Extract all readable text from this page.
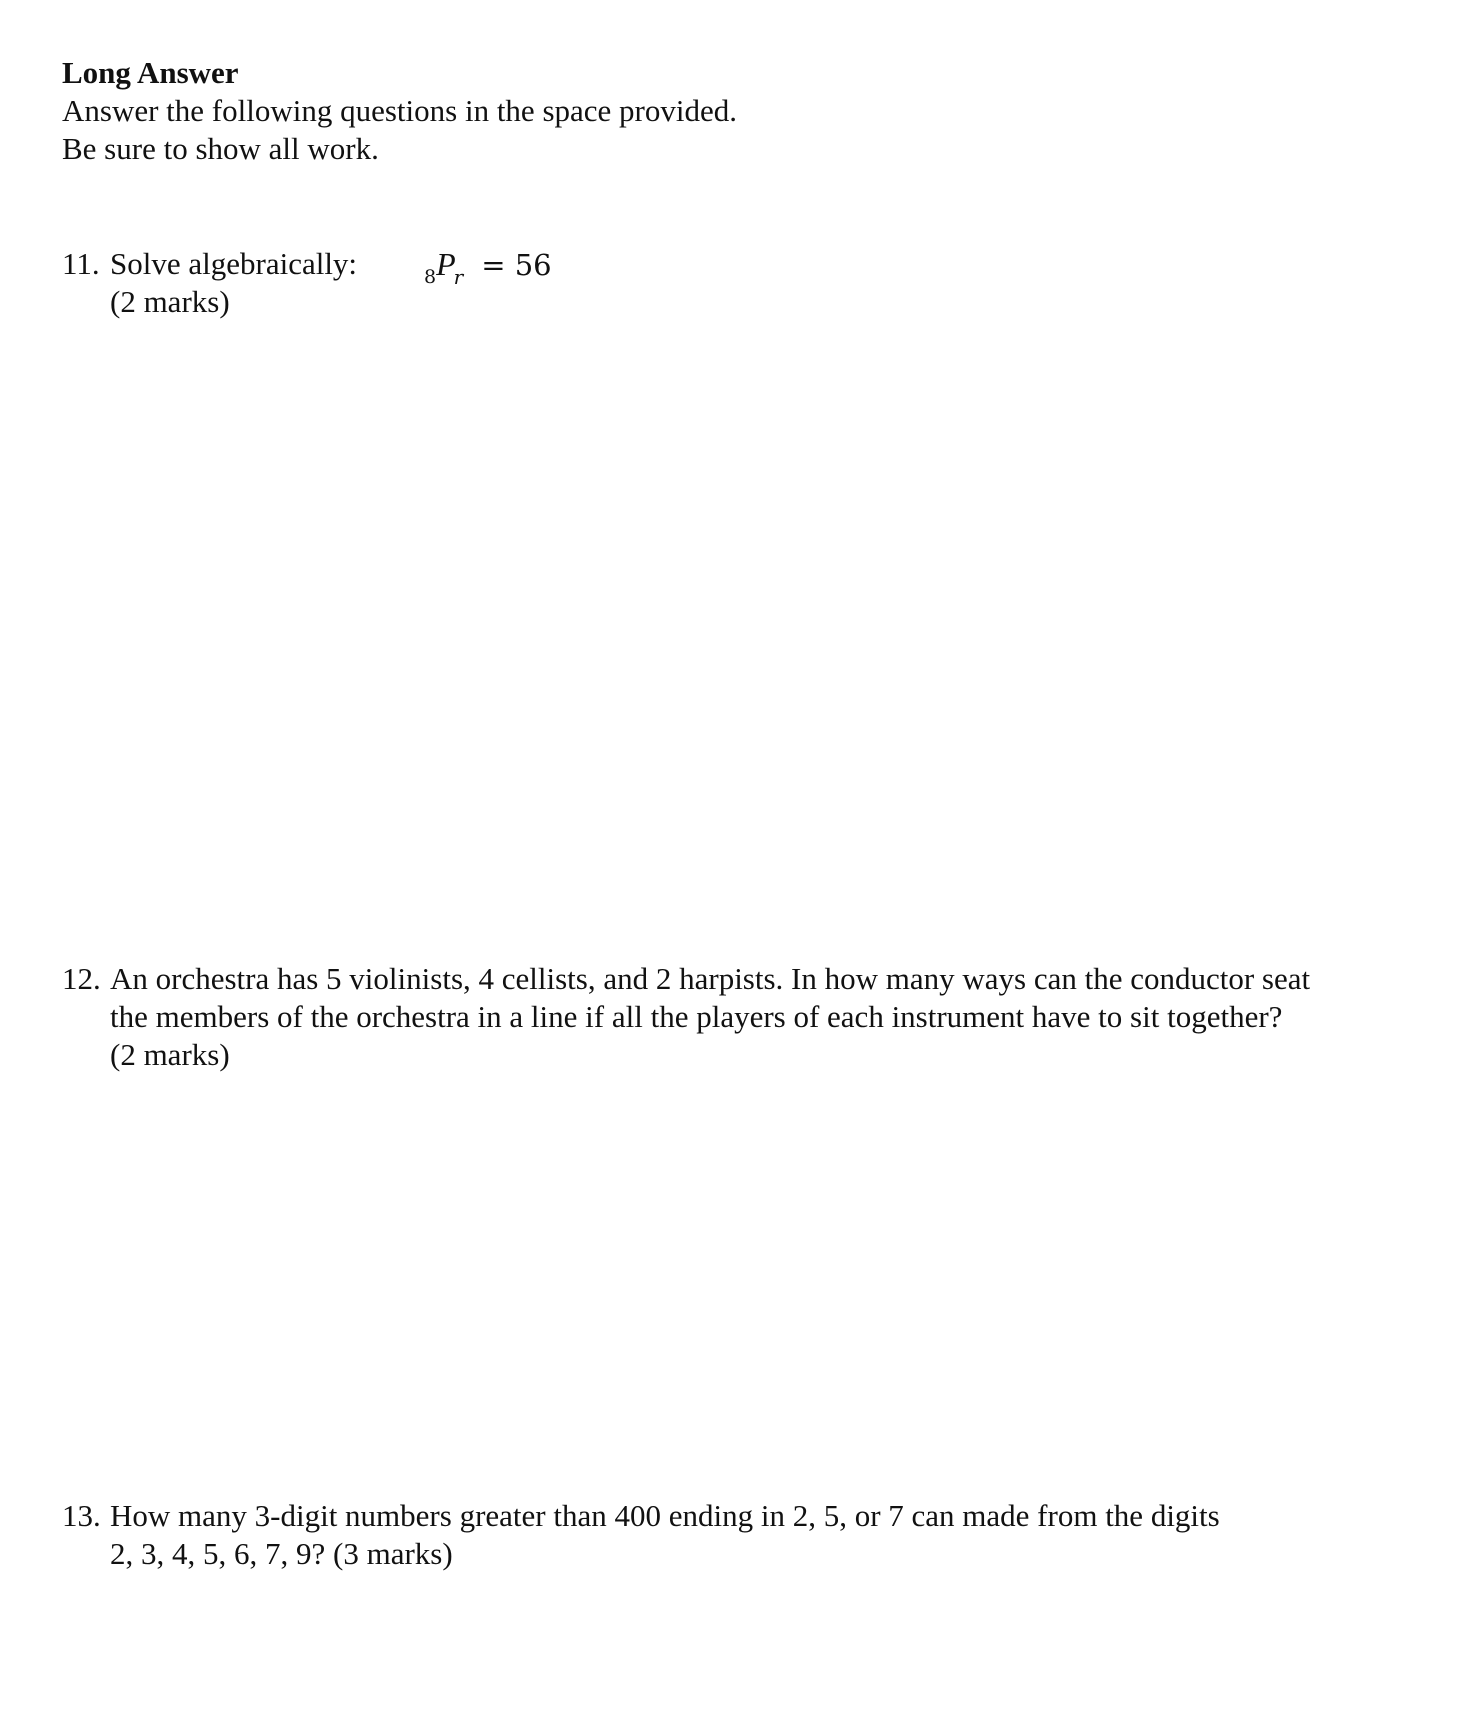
Long Answer
Answer the following questions in the space provided.
Be sure to show all work.
11. Solve algebraically:	$_8P_r = 56$
(2 marks)
12. An orchestra has 5 violinists, 4 cellists, and 2 harpists. In how many ways can the conductor seat
the members of the orchestra in a line if all the players of each instrument have to sit together?
(2 marks)
13. How many 3-digit numbers greater than 400 ending in 2, 5, or 7 can made from the digits
2, 3, 4, 5, 6, 7, 9? (3 marks)
